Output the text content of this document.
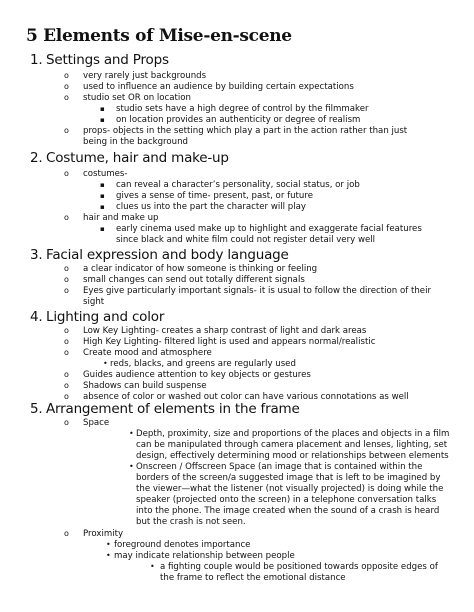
5 Elements of Mise-en-scene
1. Settings and Props
o very rarely just backgrounds
o used to influence an audience by building certain expectations
o studio set OR on location
▪ studio sets have a high degree of control by the filmmaker
▪ on location provides an authenticity or degree of realism
o props- objects in the setting which play a part in the action rather than just
being in the background
2. Costume, hair and make-up
o costumes-
▪ can reveal a character’s personality, social status, or job
▪ gives a sense of time- present, past, or future
▪ clues us into the part the character will play
o hair and make up
▪ early cinema used make up to highlight and exaggerate facial features
since black and white film could not register detail very well
3. Facial expression and body language
o a clear indicator of how someone is thinking or feeling
o small changes can send out totally different signals
o Eyes give particularly important signals- it is usual to follow the direction of their
sight
4. Lighting and color
o Low Key Lighting- creates a sharp contrast of light and dark areas
o High Key Lighting- filtered light is used and appears normal/realistic
o Create mood and atmosphere
• reds, blacks, and greens are regularly used
o Guides audience attention to key objects or gestures
o Shadows can build suspense
o absence of color or washed out color can have various connotations as well
5. Arrangement of elements in the frame
o Space
• Depth, proximity, size and proportions of the places and objects in a film
can be manipulated through camera placement and lenses, lighting, set
design, effectively determining mood or relationships between elements
• Onscreen / Offscreen Space (an image that is contained within the
borders of the screen/a suggested image that is left to be imagined by
the viewer—what the listener (not visually projected) is doing while the
speaker (projected onto the screen) in a telephone conversation talks
into the phone. The image created when the sound of a crash is heard
but the crash is not seen.
o Proximity
• foreground denotes importance
• may indicate relationship between people
• a fighting couple would be positioned towards opposite edges of
the frame to reflect the emotional distance
